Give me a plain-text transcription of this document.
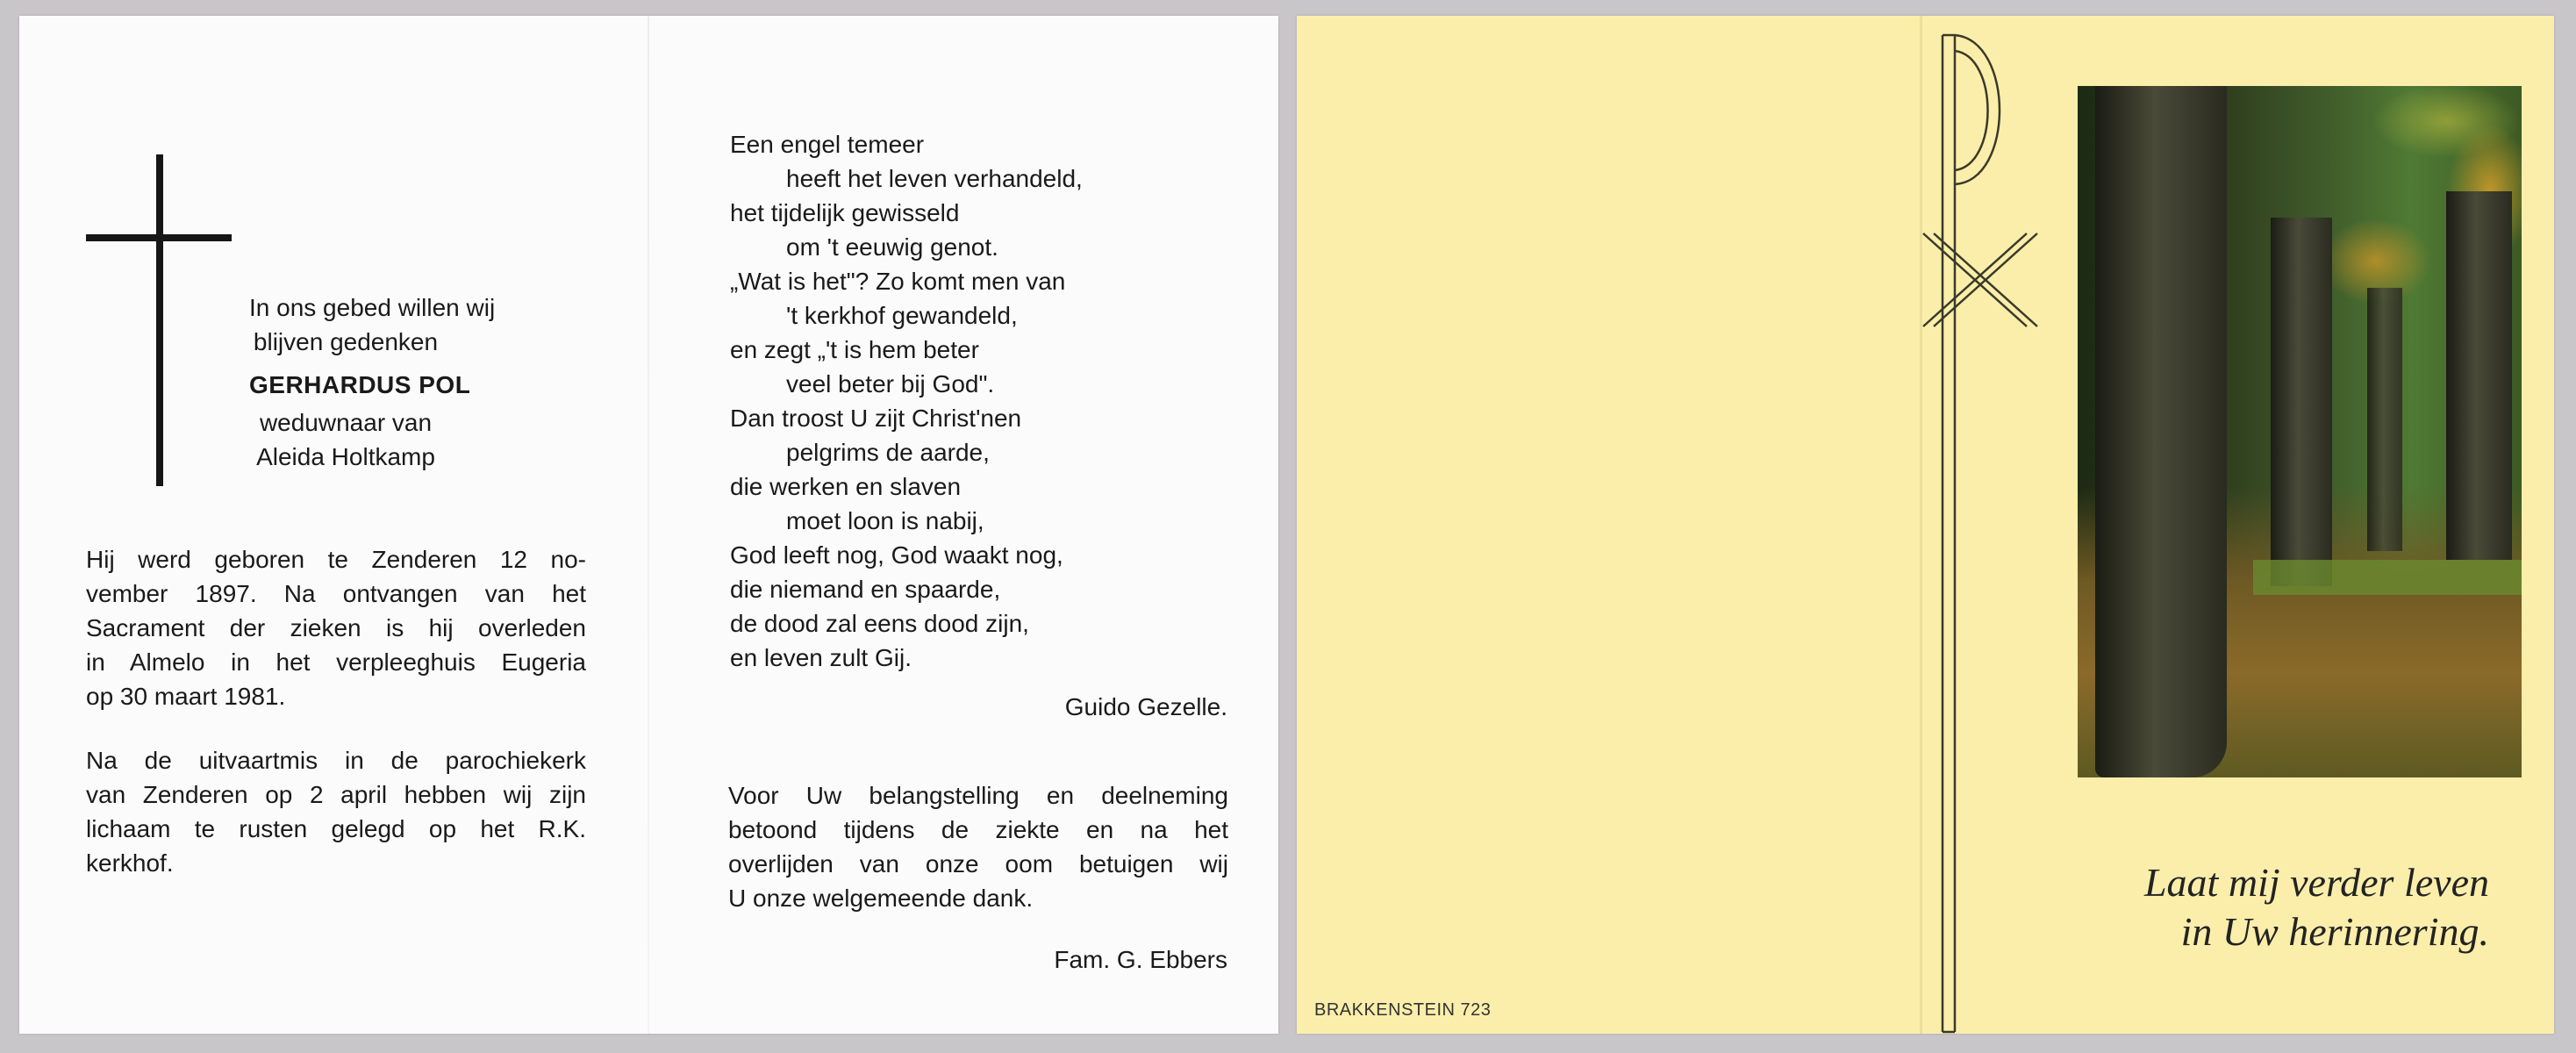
In ons gebed willen wij
blijven gedenken
GERHARDUS POL
weduwnaar van
Aleida Holtkamp
Hij werd geboren te Zenderen 12 no-
vember 1897. Na ontvangen van het
Sacrament der zieken is hij overleden
in Almelo in het verpleeghuis Eugeria
op 30 maart 1981.
Na de uitvaartmis in de parochiekerk
van Zenderen op 2 april hebben wij zijn
lichaam te rusten gelegd op het R.K.
kerkhof.
Een engel temeer
heeft het leven verhandeld,
het tijdelijk gewisseld
om 't eeuwig genot.
„Wat is het"? Zo komt men van
't kerkhof gewandeld,
en zegt „'t is hem beter
veel beter bij God".
Dan troost U zijt Christ'nen
pelgrims de aarde,
die werken en slaven
moet loon is nabij,
God leeft nog, God waakt nog,
die niemand en spaarde,
de dood zal eens dood zijn,
en leven zult Gij.
Guido Gezelle.
Voor Uw belangstelling en deelneming
betoond tijdens de ziekte en na het
overlijden van onze oom betuigen wij
U onze welgemeende dank.
Fam. G. Ebbers
Laat mij verder leven
in Uw herinnering.
BRAKKENSTEIN 723
